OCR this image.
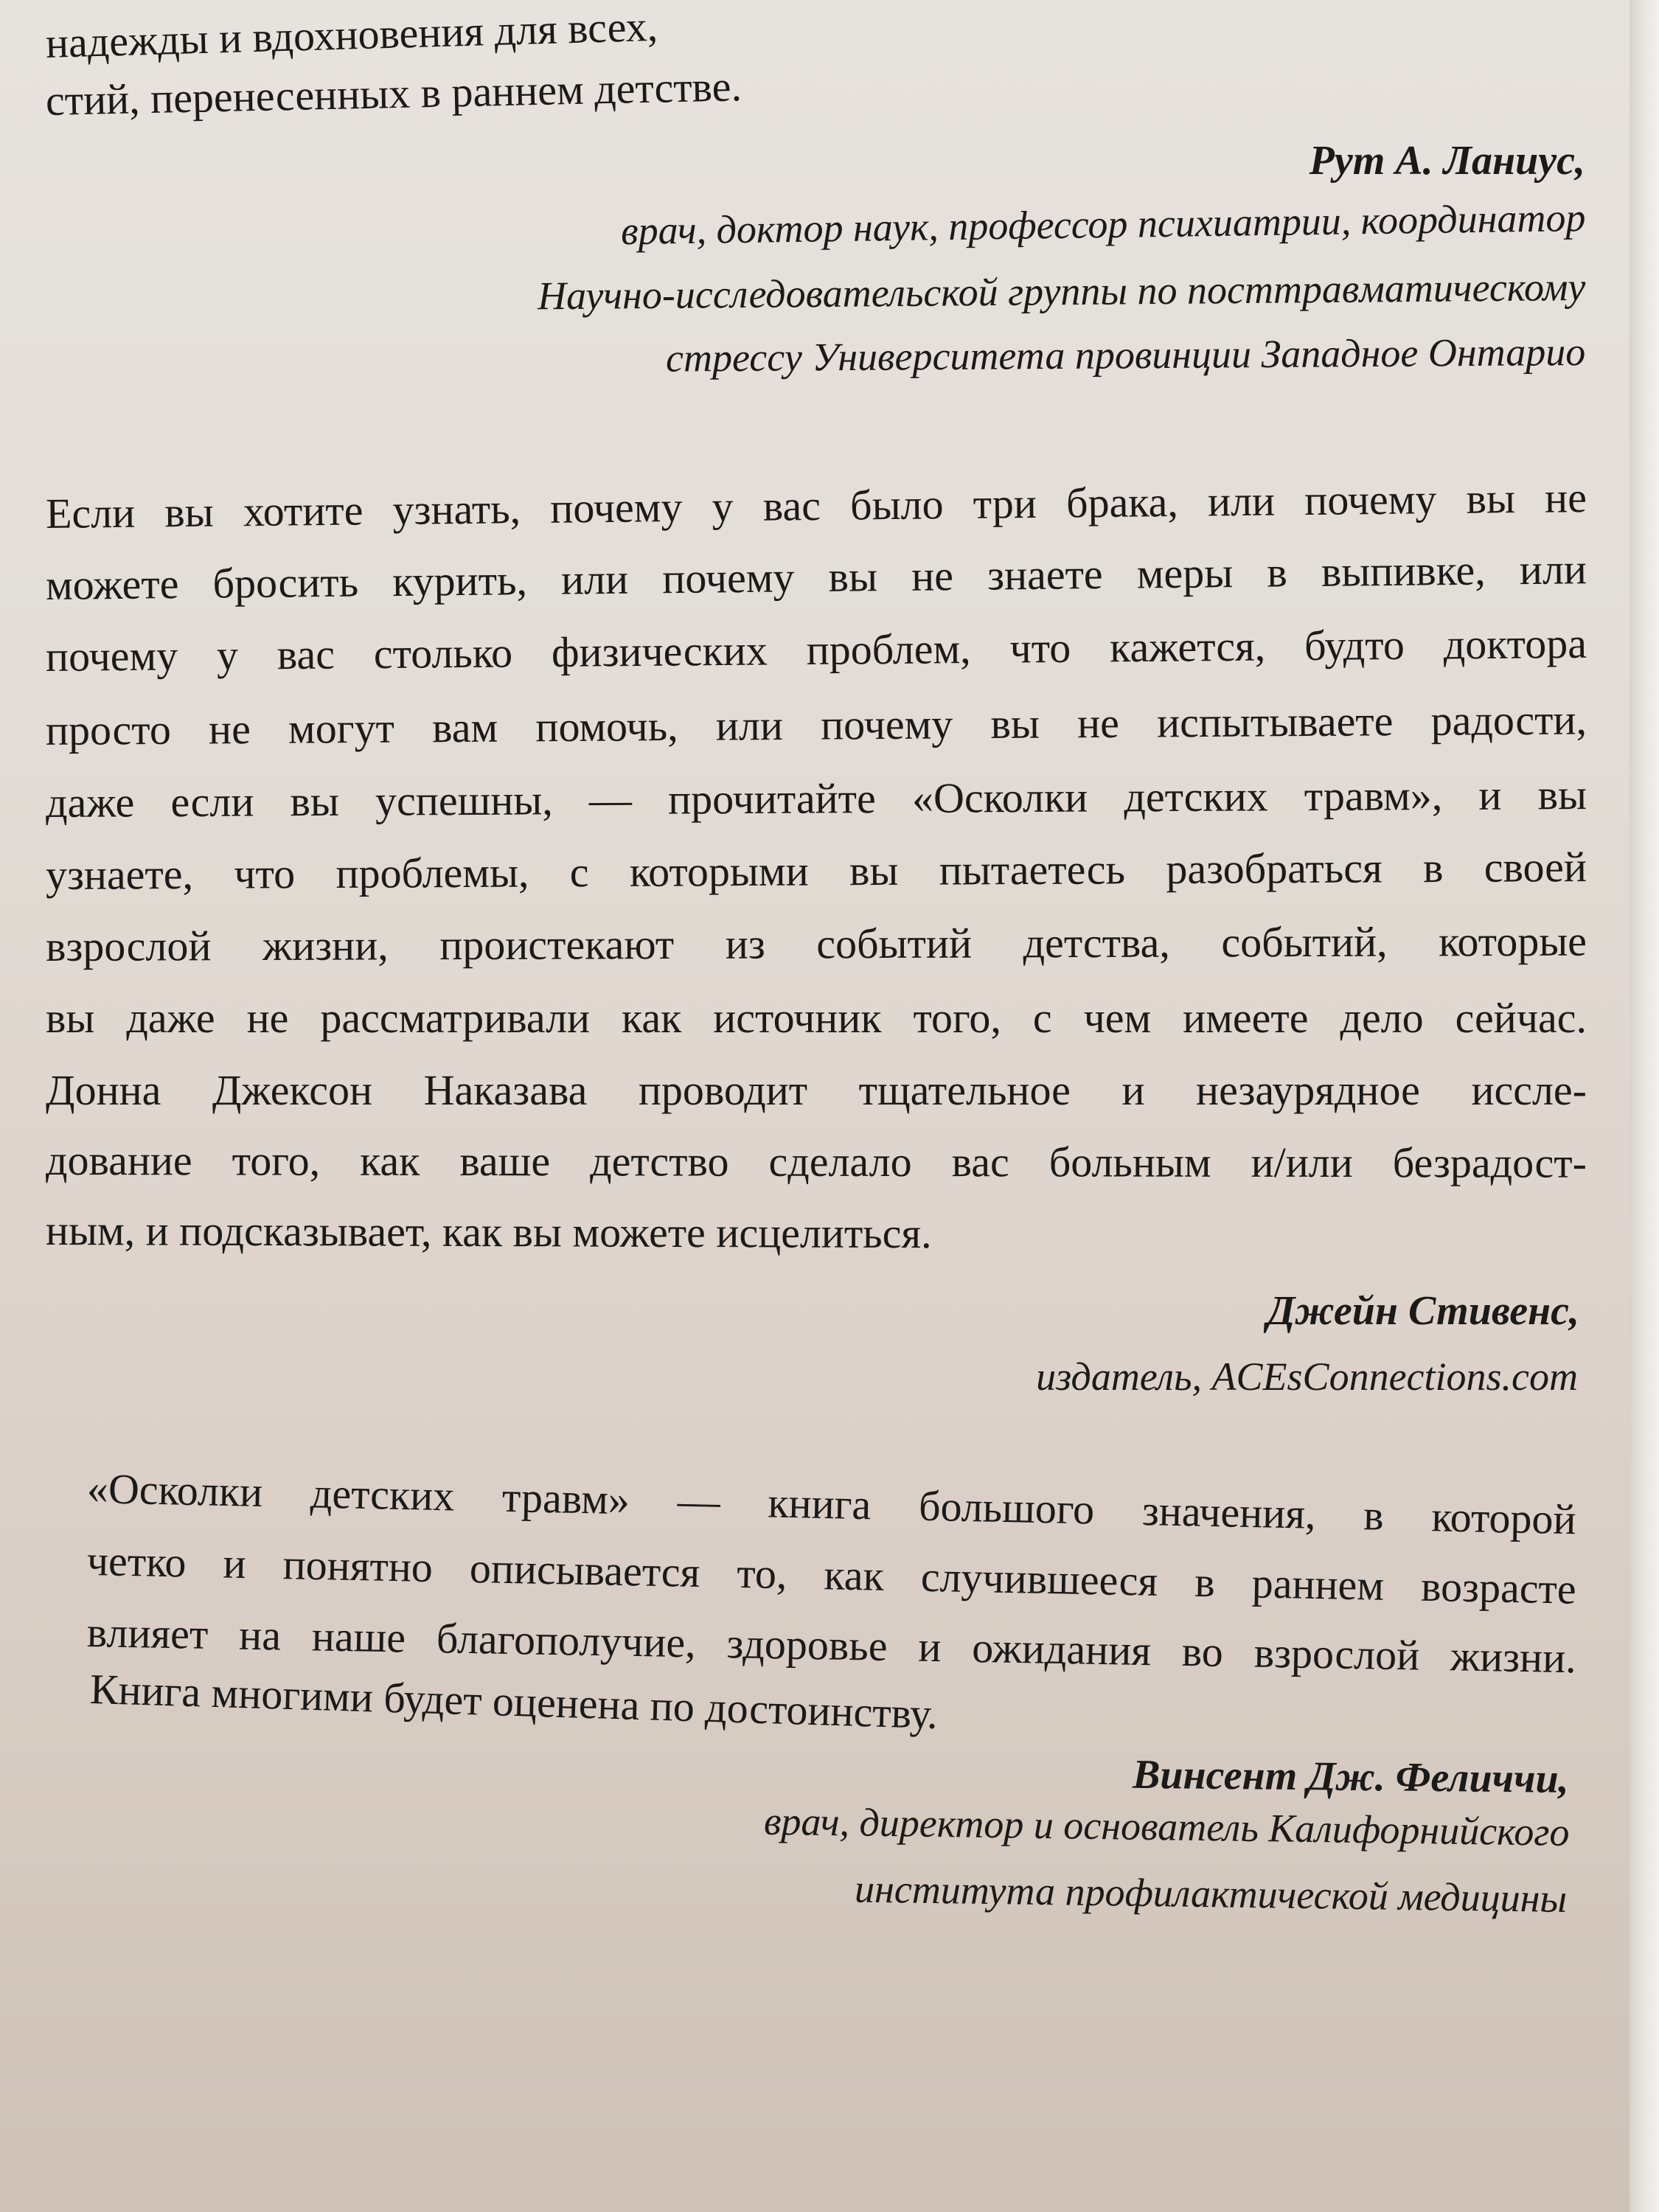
надежды и вдохновения для всех,
стий, перенесенных в раннем детстве.
Рут А. Ланиус,
врач, доктор наук, профессор психиатрии, координатор
Научно-исследовательской группы по посттравматическому
стрессу Университета провинции Западное Онтарио
Если вы хотите узнать, почему у вас было три брака, или почему вы не
можете бросить курить, или почему вы не знаете меры в выпивке, или
почему у вас столько физических проблем, что кажется, будто доктора
просто не могут вам помочь, или почему вы не испытываете радости,
даже если вы успешны, — прочитайте «Осколки детских травм», и вы
узнаете, что проблемы, с которыми вы пытаетесь разобраться в своей
взрослой жизни, проистекают из событий детства, событий, которые
вы даже не рассматривали как источник того, с чем имеете дело сейчас.
Донна Джексон Наказава проводит тщательное и незаурядное иссле-
дование того, как ваше детство сделало вас больным и/или безрадост-
ным, и подсказывает, как вы можете исцелиться.
Джейн Стивенс,
издатель, ACEsConnections.com
«Осколки детских травм» — книга большого значения, в которой
четко и понятно описывается то, как случившееся в раннем возрасте
влияет на наше благополучие, здоровье и ожидания во взрослой жизни.
Книга многими будет оценена по достоинству.
Винсент Дж. Феличчи,
врач, директор и основатель Калифорнийского
института профилактической медицины
